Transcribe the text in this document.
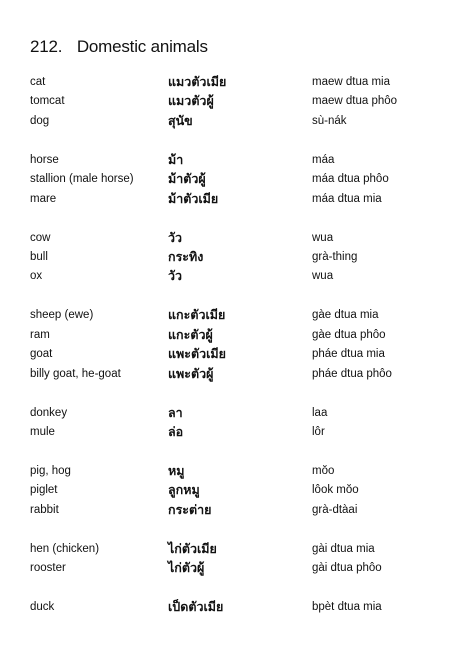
212. Domestic animals
cat	แมวตัวเมีย	maew dtua mia
tomcat	แมวตัวผู้	maew dtua phôo
dog	สุนัข	sù-nák
horse	ม้า	máa
stallion (male horse)	ม้าตัวผู้	máa dtua phôo
mare	ม้าตัวเมีย	máa dtua mia
cow	วัว	wua
bull	กระทิง	grà-thing
ox	วัว	wua
sheep (ewe)	แกะตัวเมีย	gàe dtua mia
ram	แกะตัวผู้	gàe dtua phôo
goat	แพะตัวเมีย	pháe dtua mia
billy goat, he-goat	แพะตัวผู้	pháe dtua phôo
donkey	ลา	laa
mule	ล่อ	lôr
pig, hog	หมู	mŏo
piglet	ลูกหมู	lôok mŏo
rabbit	กระต่าย	grà-dtàai
hen (chicken)	ไก่ตัวเมีย	gài dtua mia
rooster	ไก่ตัวผู้	gài dtua phôo
duck	เป็ดตัวเมีย	bpèt dtua mia
